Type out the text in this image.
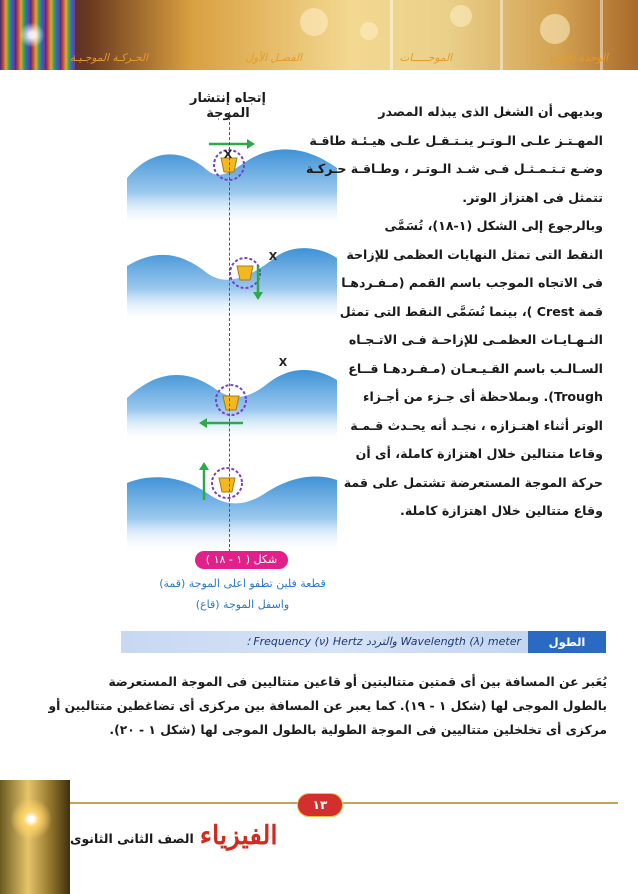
الوحدة الأولى
الموجـــــات
الفصـل الأول
الحـركـة الموجـيـة
إتجاه إنتشار الموجة
X
X
X
شكل ( ١ - ١٨ )
قطعة فلين تطفو اعلى الموجة (قمة)
واسفل الموجة (قاع)
وبديهى أن الشغل الذى يبذله المصدر
المهـتـز علـى الـوتـر ينـتـقـل علـى هيـئـة طاقـة
وضـع تـتـمـثـل فـى شـد الـوتـر ، وطـاقـة حـركـة
تتمثل فى اهتزاز الوتر.
وبالرجوع إلى الشكل (١-١٨)، تُسَمَّى
النقط التى تمثل النهايات العظمى للإزاحة
فى الاتجاه الموجب باسم القمم (مـفـردهـا
قمة Crest )، بينما تُسَمَّى النقط التى تمثل
النـهـايـات العظمـى للإزاحـة فـى الاتـجـاه
السـالـب باسم القـيـعـان (مـفـردهـا قــاع
Trough). وبملاحظة أى جـزء من أجـزاء
الوتر أثناء اهتـزازه ، نجـد أنه يحـدث قـمـة
وقاعا متتالين خلال اهتزازة كاملة، أى أن
حركة الموجة المستعرضة تشتمل على قمة
وقاع متتالين خلال اهتزازة كاملة.
الطول الموجى
Wavelength (λ) meter والتردد Frequency (ν) Hertz ؛
يُعَبر عن المسافة بين أى قمتين متتاليتين أو قاعين متتاليين فى الموجة المستعرضة
بالطول الموجى لها (شكل ١ - ١٩). كما يعبر عن المسافة بين مركزى أى تضاغطين متتاليين أو
مركزى أى تخلخلين متتاليين فى الموجة الطولية بالطول الموجى لها (شكل ١ - ٢٠).
١٣
الفيزياء
الصف الثانى الثانوى
